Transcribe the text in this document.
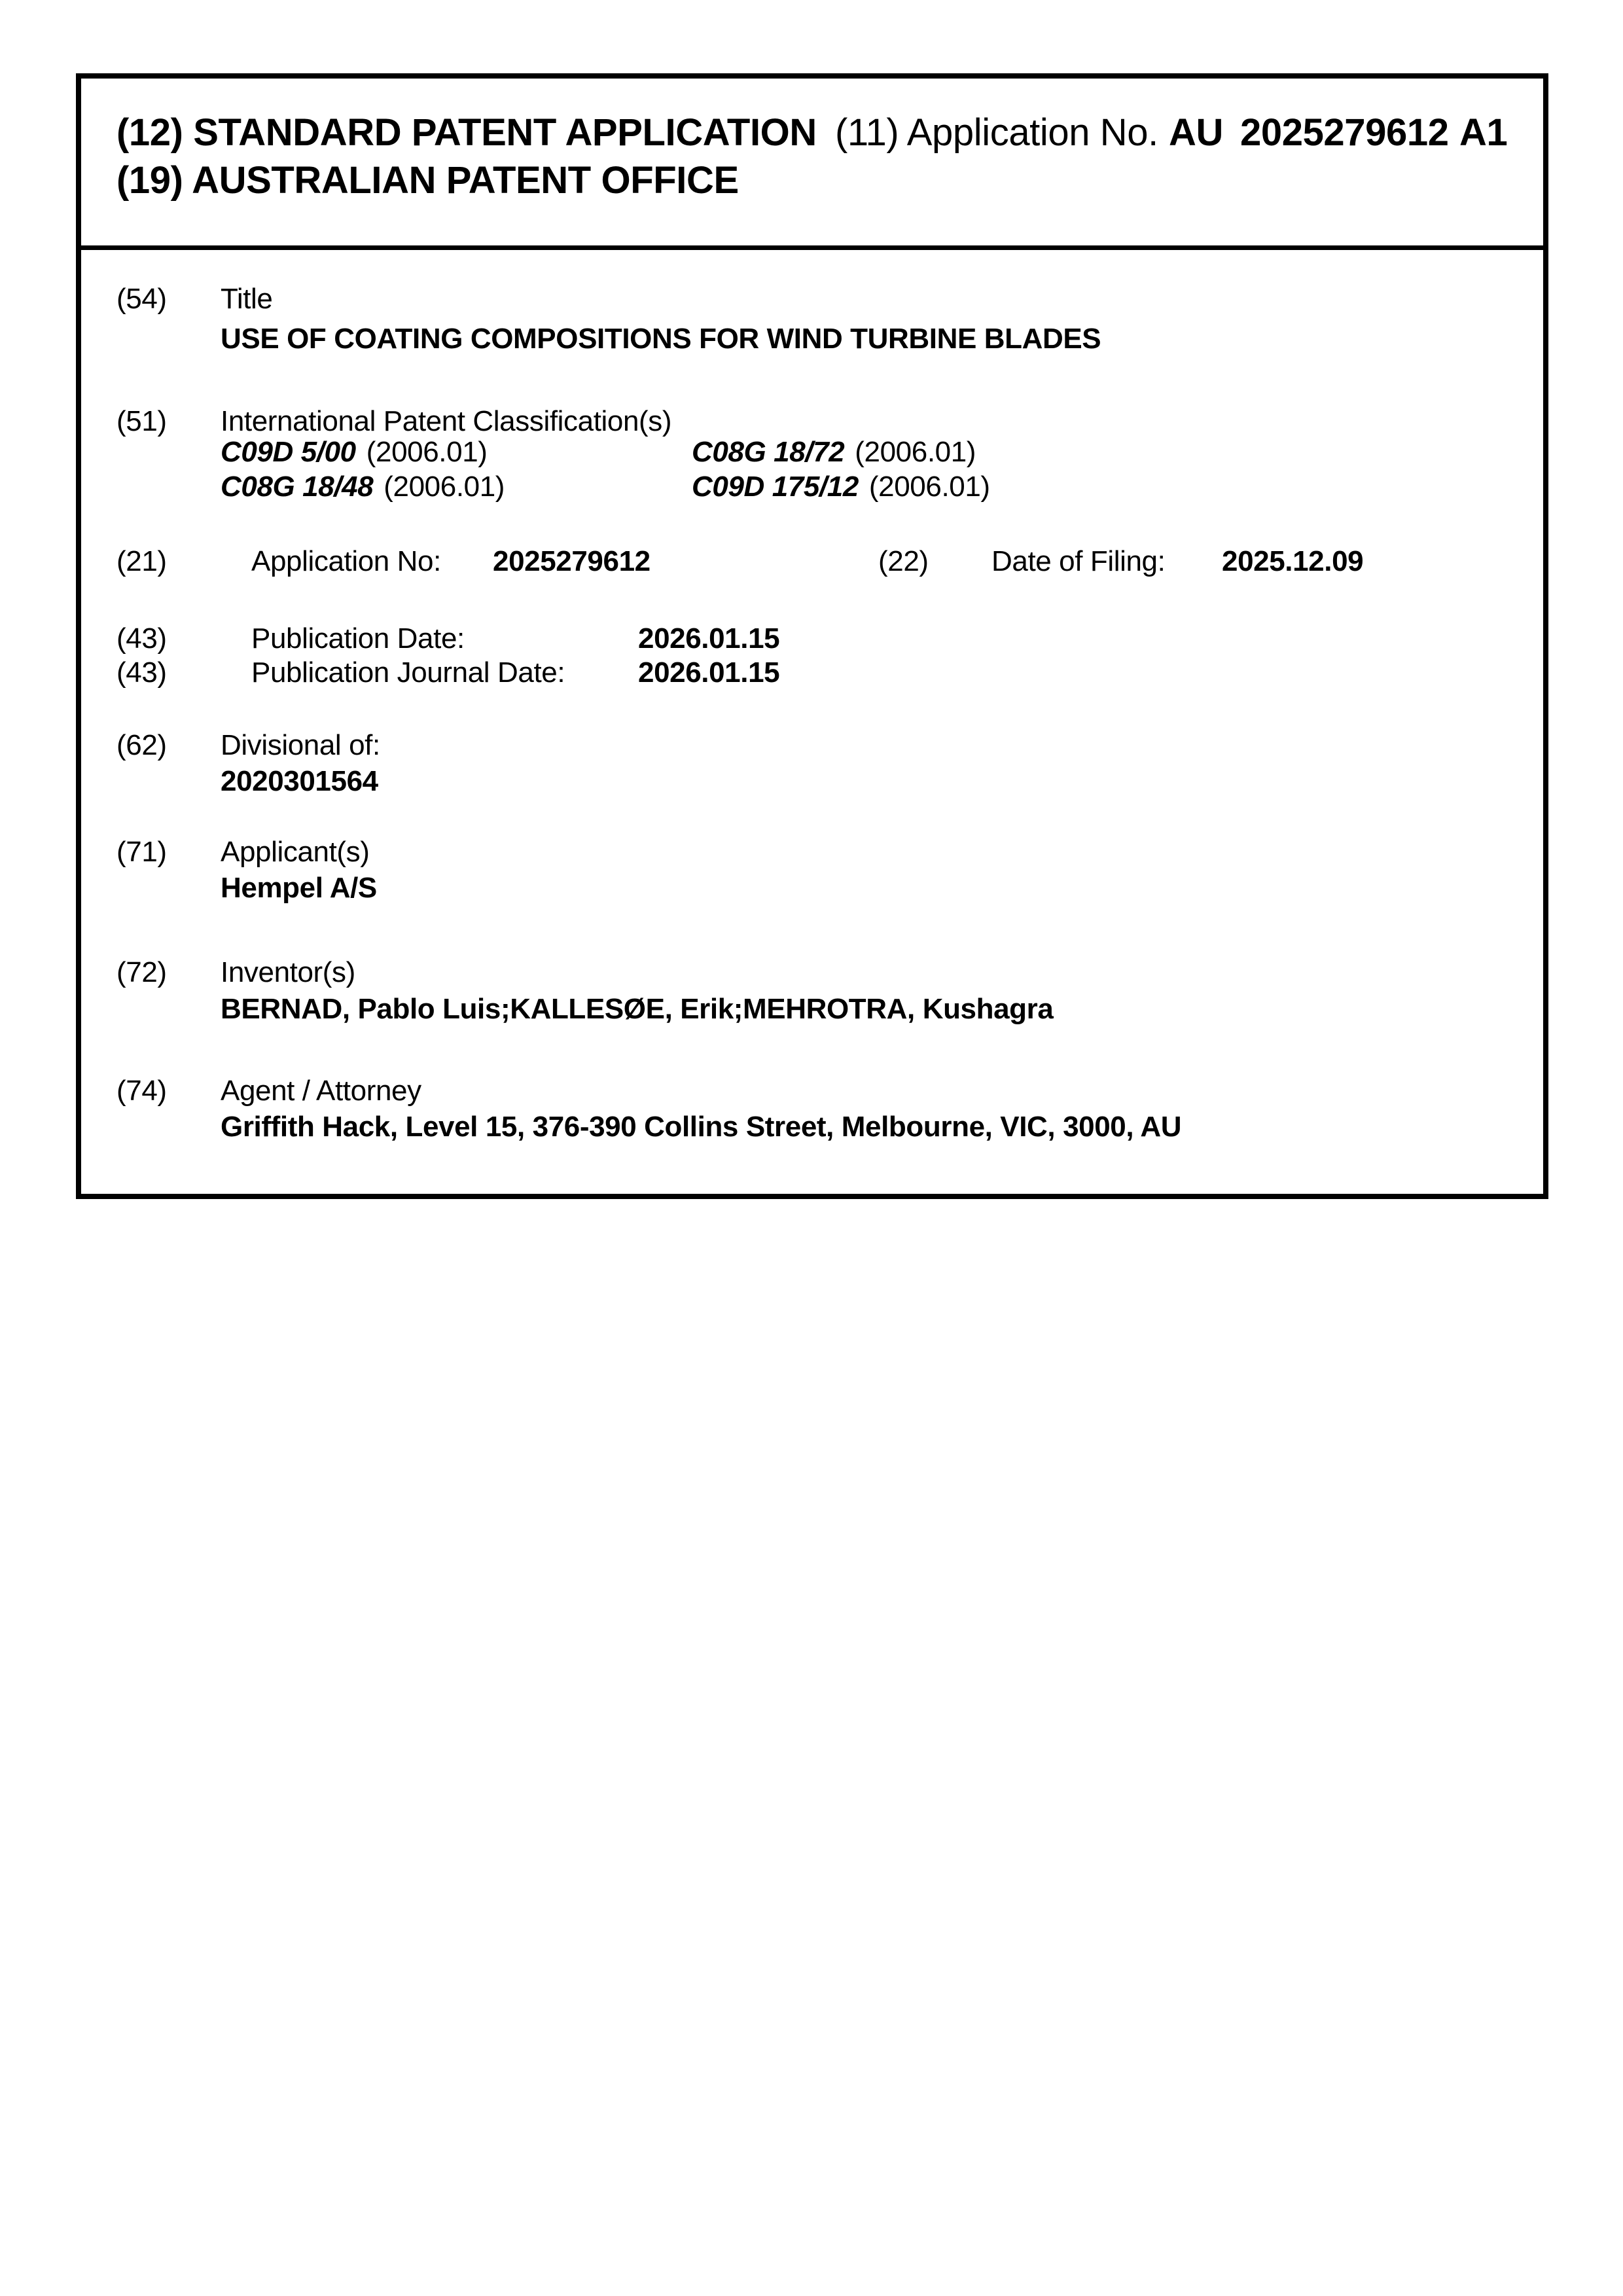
(12) STANDARD PATENT APPLICATION (11) Application No. AU 2025279612 A1
(19) AUSTRALIAN PATENT OFFICE
(54) Title
USE OF COATING COMPOSITIONS FOR WIND TURBINE BLADES
(51) International Patent Classification(s)
C09D 5/00 (2006.01)	C08G 18/72 (2006.01)
C08G 18/48 (2006.01)	C09D 175/12 (2006.01)
(21)	Application No: 2025279612	(22) Date of Filing: 2025.12.09
(43)	Publication Date:	2026.01.15
(43)	Publication Journal Date:	2026.01.15
(62) Divisional of:
2020301564
(71) Applicant(s)
Hempel A/S
(72) Inventor(s)
BERNAD, Pablo Luis;KALLESØE, Erik;MEHROTRA, Kushagra
(74) Agent / Attorney
Griffith Hack, Level 15, 376-390 Collins Street, Melbourne, VIC, 3000, AU
